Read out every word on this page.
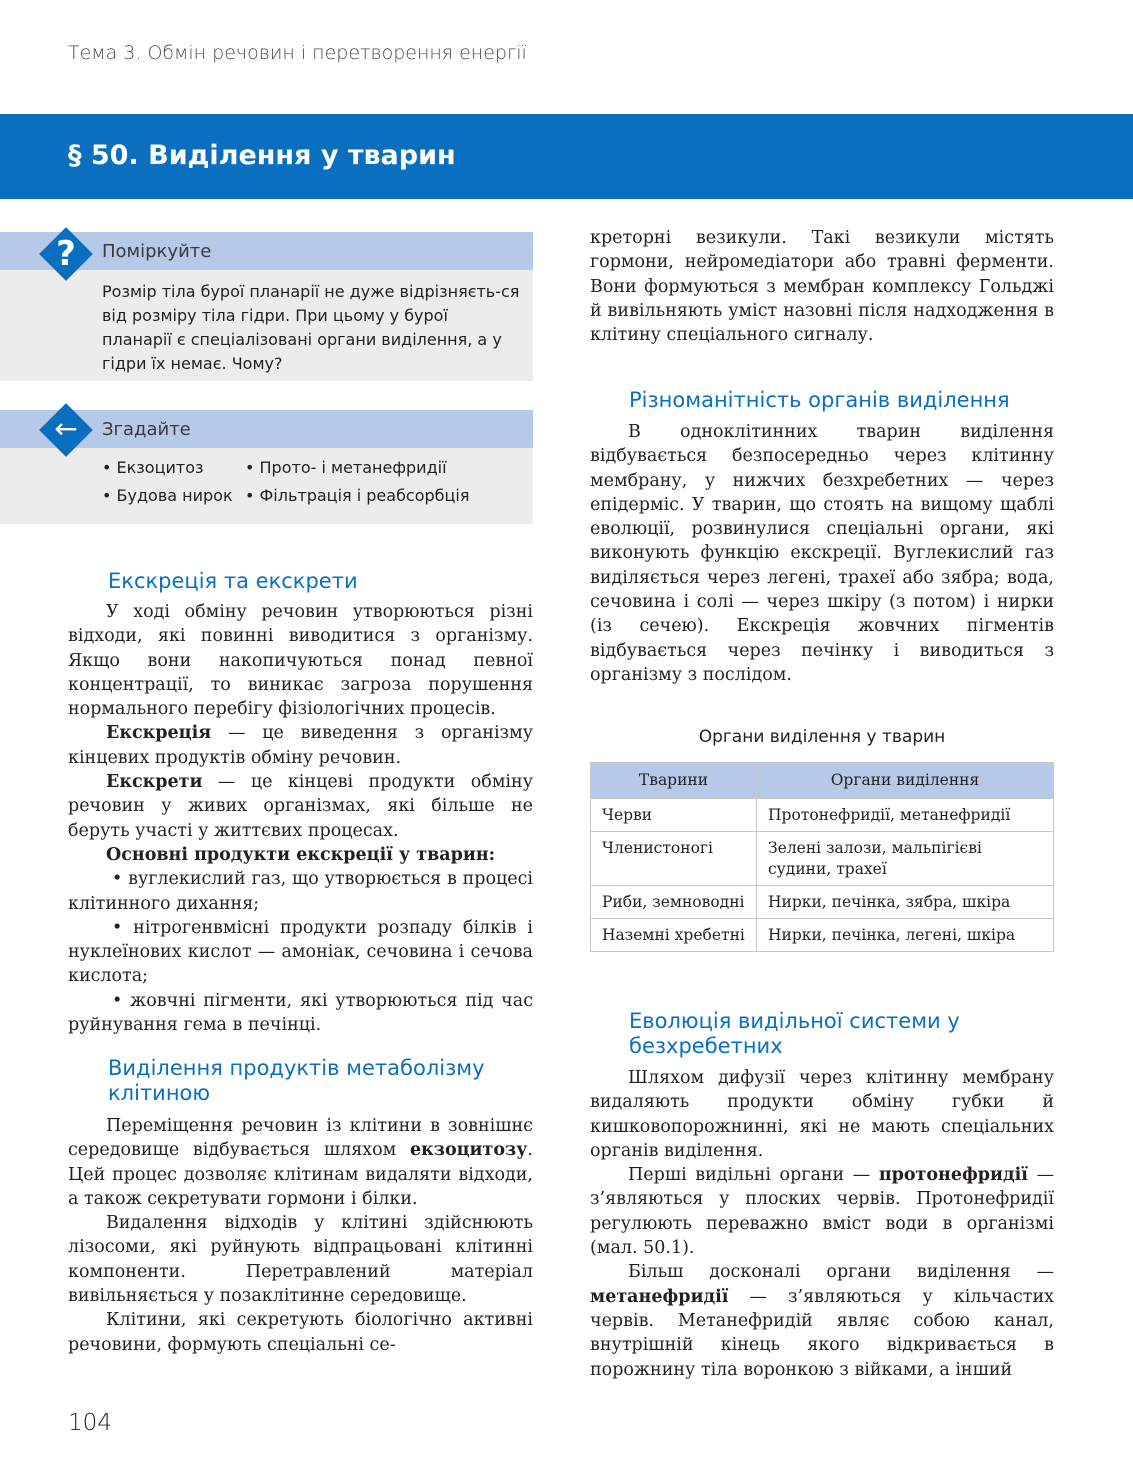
Тема 3. Обмін речовин і перетворення енергії
§ 50. Виділення у тварин
Поміркуйте
?
Розмір тіла бурої планарії не дуже відрізняєть-ся від розміру тіла гідри. При цьому у бурої планарії є спеціалізовані органи виділення, а у гідри їх немає. Чому?
Згадайте
←
• Екзоцитоз
• Будова нирок
• Прото- і метанефридії
• Фільтрація і реабсорбція
Екскреція та екскрети

У ході обміну речовин утворюються різні відходи, які повинні виводитися з організму. Якщо вони накопичуються понад певної концентрації, то виникає загроза порушення нормального перебігу фізіологічних процесів.

Екскреція — це виведення з організму кінцевих продуктів обміну речовин.

Екскрети — це кінцеві продукти обміну речовин у живих організмах, які більше не беруть участі у життєвих процесах.

Основні продукти екскреції у тварин:

• вуглекислий газ, що утворюється в процесі клітинного дихання;

• нітрогенвмісні продукти розпаду білків і нуклеїнових кислот — амоніак, сечовина і сечова кислота;

• жовчні пігменти, які утворюються під час руйнування гема в печінці.

Виділення продуктів метаболізму клітиною

Переміщення речовин із клітини в зовнішнє середовище відбувається шляхом екзоцитозу. Цей процес дозволяє клітинам видаляти відходи, а також секретувати гормони і білки.

Видалення відходів у клітині здійснюють лізосоми, які руйнують відпрацьовані клітинні компоненти. Перетравлений матеріал вивільняється у позаклітинне середовище.

Клітини, які секретують біологічно активні речовини, формують спеціальні се-

креторні везикули. Такі везикули містять гормони, нейромедіатори або травні ферменти. Вони формуються з мембран комплексу Гольджі й вивільняють уміст назовні після надходження в клітину спеціального сигналу.

Різноманітність органів виділення

В одноклітинних тварин виділення відбувається безпосередньо через клітинну мембрану, у нижчих безхребетних — через епідерміс. У тварин, що стоять на вищому щаблі еволюції, розвинулися спеціальні органи, які виконують функцію екскреції. Вуглекислий газ виділяється через легені, трахеї або зябра; вода, сечовина і солі — через шкіру (з потом) і нирки (із сечею). Екскреція жовчних пігментів відбувається через печінку і виводиться з організму з послідом.

Органи виділення у тварин
Тварини	Органи виділення
Черви	Протонефридії, метанефридії
Членистоногі	Зелені залози, мальпігієві судини, трахеї
Риби, земноводні	Нирки, печінка, зябра, шкіра
Наземні хребетні	Нирки, печінка, легені, шкіра
Еволюція видільної системи у безхребетних

Шляхом дифузії через клітинну мембрану видаляють продукти обміну губки й кишковопорожнинні, які не мають спеціальних органів виділення.

Перші видільні органи — протонефридії — з’являються у плоских червів. Протонефридії регулюють переважно вміст води в організмі (мал. 50.1).

Більш досконалі органи виділення — метанефридії — з’являються у кільчастих червів. Метанефридій являє собою канал, внутрішній кінець якого відкривається в порожнину тіла воронкою з війками, а інший

104
